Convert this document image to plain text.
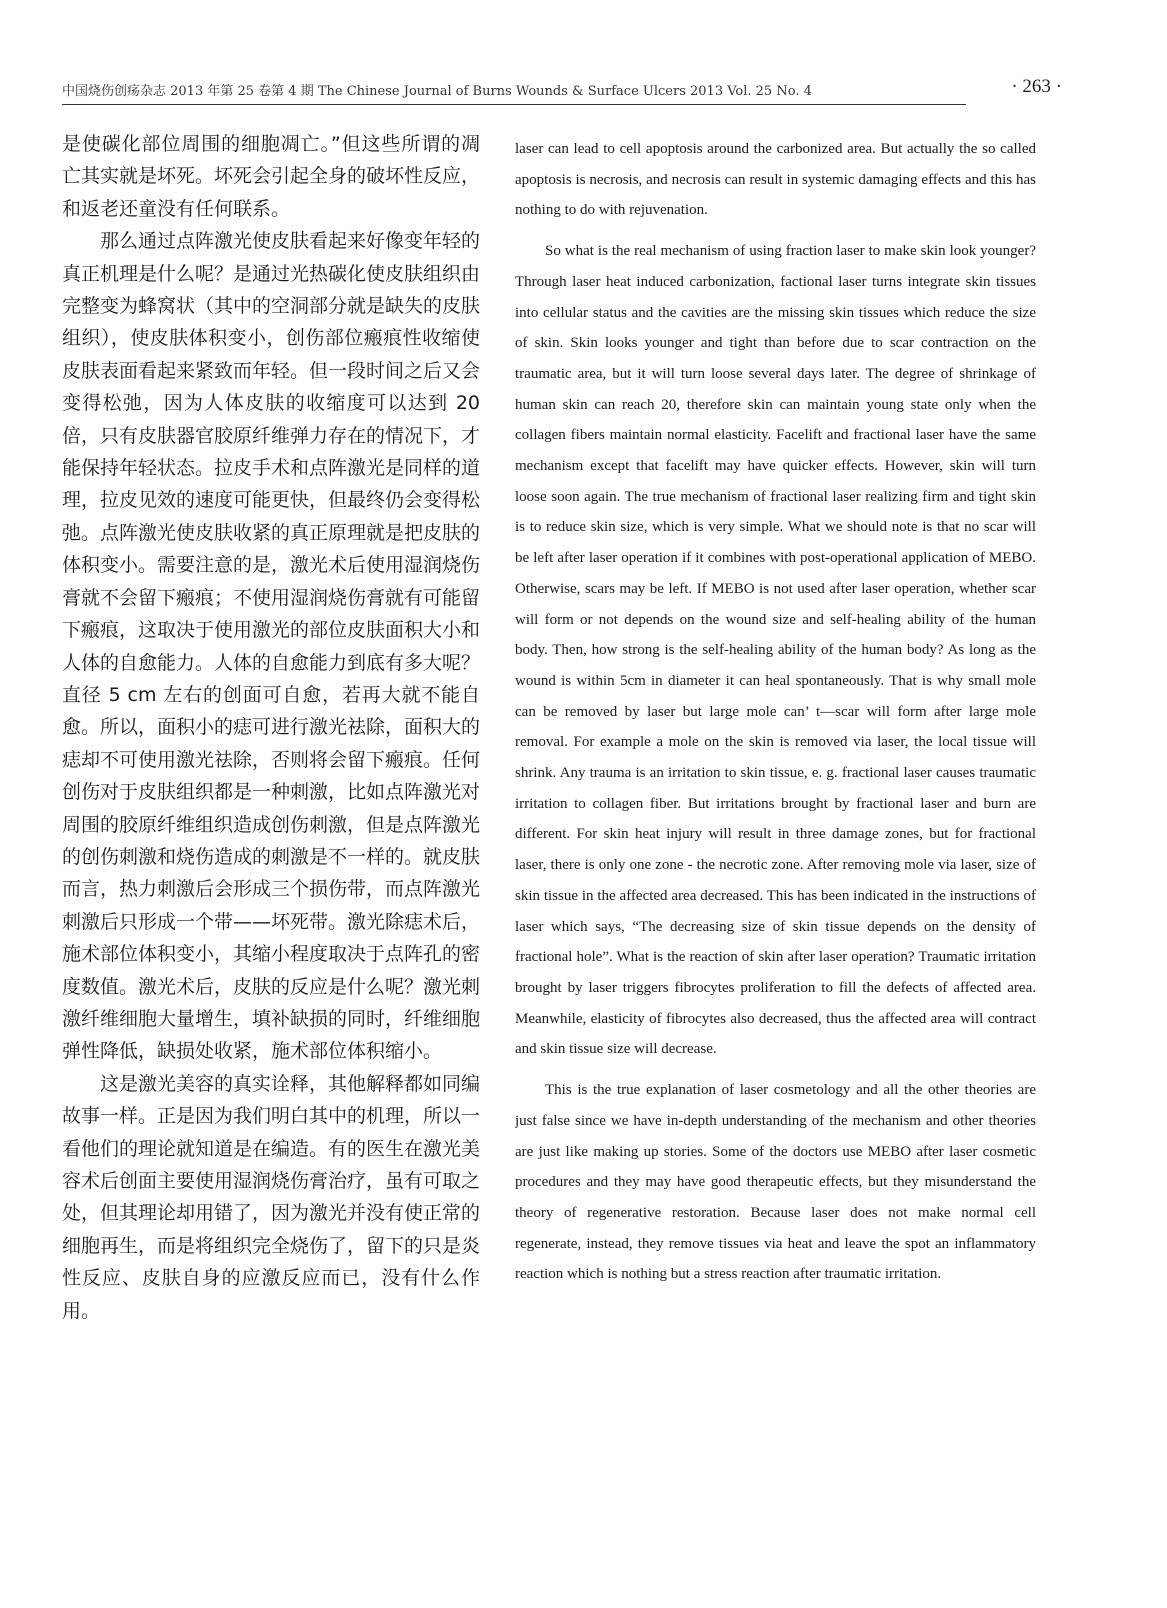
中国烧伤创疡杂志 2013 年第 25 卷第 4 期 The Chinese Journal of Burns Wounds & Surface Ulcers 2013 Vol. 25 No. 4	· 263 ·

是使碳化部位周围的细胞凋亡。”但这些所谓的凋亡其实就是坏死。坏死会引起全身的破坏性反应，和返老还童没有任何联系。

那么通过点阵激光使皮肤看起来好像变年轻的真正机理是什么呢？是通过光热碳化使皮肤组织由完整变为蜂窝状（其中的空洞部分就是缺失的皮肤组织），使皮肤体积变小，创伤部位瘢痕性收缩使皮肤表面看起来紧致而年轻。但一段时间之后又会变得松弛，因为人体皮肤的收缩度可以达到 20 倍，只有皮肤器官胶原纤维弹力存在的情况下，才能保持年轻状态。拉皮手术和点阵激光是同样的道理，拉皮见效的速度可能更快，但最终仍会变得松弛。点阵激光使皮肤收紧的真正原理就是把皮肤的体积变小。需要注意的是，激光术后使用湿润烧伤膏就不会留下瘢痕；不使用湿润烧伤膏就有可能留下瘢痕，这取决于使用激光的部位皮肤面积大小和人体的自愈能力。人体的自愈能力到底有多大呢？直径 5 cm 左右的创面可自愈，若再大就不能自愈。所以，面积小的痣可进行激光祛除，面积大的痣却不可使用激光祛除，否则将会留下瘢痕。任何创伤对于皮肤组织都是一种刺激，比如点阵激光对周围的胶原纤维组织造成创伤刺激，但是点阵激光的创伤刺激和烧伤造成的刺激是不一样的。就皮肤而言，热力刺激后会形成三个损伤带，而点阵激光刺激后只形成一个带——坏死带。激光除痣术后，施术部位体积变小，其缩小程度取决于点阵孔的密度数值。激光术后，皮肤的反应是什么呢？激光刺激纤维细胞大量增生，填补缺损的同时，纤维细胞弹性降低，缺损处收紧，施术部位体积缩小。

这是激光美容的真实诠释，其他解释都如同编故事一样。正是因为我们明白其中的机理，所以一看他们的理论就知道是在编造。有的医生在激光美容术后创面主要使用湿润烧伤膏治疗，虽有可取之处，但其理论却用错了，因为激光并没有使正常的细胞再生，而是将组织完全烧伤了，留下的只是炎性反应、皮肤自身的应激反应而已，没有什么作用。

laser can lead to cell apoptosis around the carbonized area. But actually the so called apoptosis is necrosis, and necrosis can result in systemic damaging effects and this has nothing to do with rejuvenation.

So what is the real mechanism of using fraction laser to make skin look younger? Through laser heat induced carbonization, factional laser turns integrate skin tissues into cellular status and the cavities are the missing skin tissues which reduce the size of skin. Skin looks younger and tight than before due to scar contraction on the traumatic area, but it will turn loose several days later. The degree of shrinkage of human skin can reach 20, therefore skin can maintain young state only when the collagen fibers maintain normal elasticity. Facelift and fractional laser have the same mechanism except that facelift may have quicker effects. However, skin will turn loose soon again. The true mechanism of fractional laser realizing firm and tight skin is to reduce skin size, which is very simple. What we should note is that no scar will be left after laser operation if it combines with post-operational application of MEBO. Otherwise, scars may be left. If MEBO is not used after laser operation, whether scar will form or not depends on the wound size and self-healing ability of the human body. Then, how strong is the self-healing ability of the human body? As long as the wound is within 5cm in diameter it can heal spontaneously. That is why small mole can be removed by laser but large mole can’ t—scar will form after large mole removal. For example a mole on the skin is removed via laser, the local tissue will shrink. Any trauma is an irritation to skin tissue, e. g. fractional laser causes traumatic irritation to collagen fiber. But irritations brought by fractional laser and burn are different. For skin heat injury will result in three damage zones, but for fractional laser, there is only one zone - the necrotic zone. After removing mole via laser, size of skin tissue in the affected area decreased. This has been indicated in the instructions of laser which says, “The decreasing size of skin tissue depends on the density of fractional hole”. What is the reaction of skin after laser operation? Traumatic irritation brought by laser triggers fibrocytes proliferation to fill the defects of affected area. Meanwhile, elasticity of fibrocytes also decreased, thus the affected area will contract and skin tissue size will decrease.

This is the true explanation of laser cosmetology and all the other theories are just false since we have in-depth understanding of the mechanism and other theories are just like making up stories. Some of the doctors use MEBO after laser cosmetic procedures and they may have good therapeutic effects, but they misunderstand the theory of regenerative restoration. Because laser does not make normal cell regenerate, instead, they remove tissues via heat and leave the spot an inflammatory reaction which is nothing but a stress reaction after traumatic irritation.
